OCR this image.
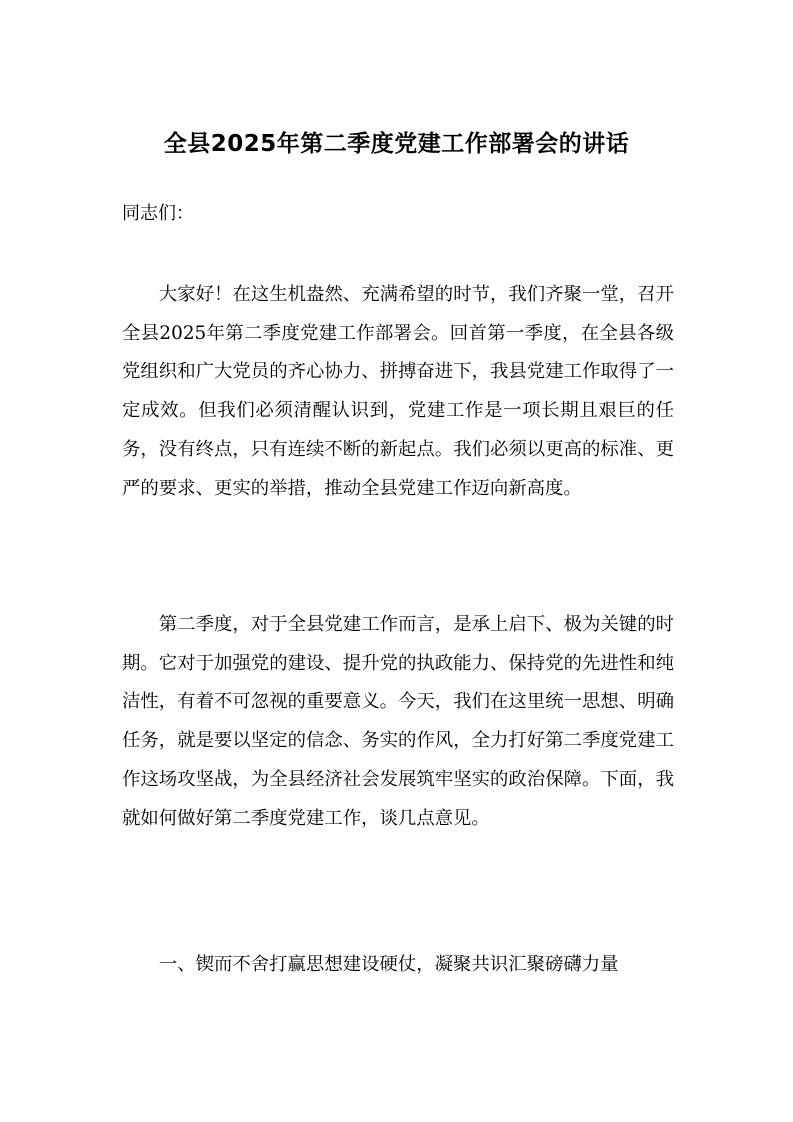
全县2025年第二季度党建工作部署会的讲话

同志们：

大家好！在这生机盎然、充满希望的时节，我们齐聚一堂，召开全县2025年第二季度党建工作部署会。回首第一季度，在全县各级党组织和广大党员的齐心协力、拼搏奋进下，我县党建工作取得了一定成效。但我们必须清醒认识到，党建工作是一项长期且艰巨的任务，没有终点，只有连续不断的新起点。我们必须以更高的标准、更严的要求、更实的举措，推动全县党建工作迈向新高度。

第二季度，对于全县党建工作而言，是承上启下、极为关键的时期。它对于加强党的建设、提升党的执政能力、保持党的先进性和纯洁性，有着不可忽视的重要意义。今天，我们在这里统一思想、明确任务，就是要以坚定的信念、务实的作风，全力打好第二季度党建工作这场攻坚战，为全县经济社会发展筑牢坚实的政治保障。下面，我就如何做好第二季度党建工作，谈几点意见。

一、锲而不舍打赢思想建设硬仗，凝聚共识汇聚磅礴力量
